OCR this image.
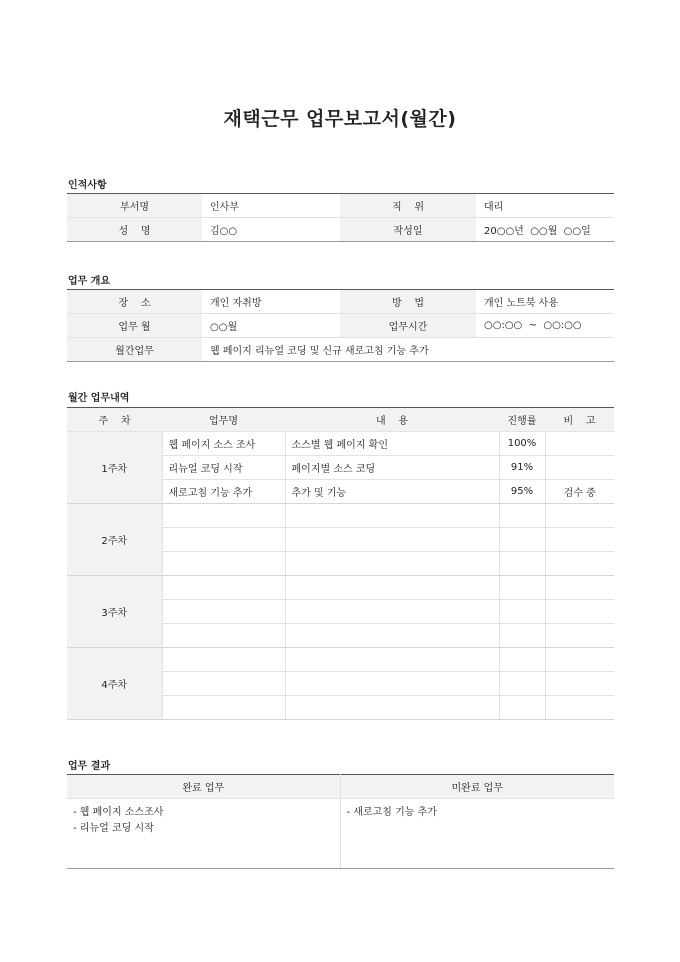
재택근무 업무보고서(월간)
인적사항
부서명	인사부	직    위	대리
성    명	김○○	작성일	20○○년  ○○월  ○○일
업무 개요
장    소	개인 자취방	방    법	개인 노트북 사용
업무 월	○○월	업무시간	○○:○○  ~  ○○:○○
월간업무	웹 페이지 리뉴얼 코딩 및 신규 새로고침 기능 추가		
월간 업무내역
주    차	업무명	내    용	진행률	비    고
1주차	웹 페이지 소스 조사	소스별 웹 페이지 확인	100%	
	리뉴얼 코딩 시작	페이지별 소스 코딩	91%	
	새로고침 기능 추가	추가 및 기능	95%	검수 중
2주차				

3주차				

4주차				

업무 결과
완료 업무	미완료 업무

- 웹 페이지 소스조사
- 리뉴얼 코딩 시작	- 새로고침 기능 추가
